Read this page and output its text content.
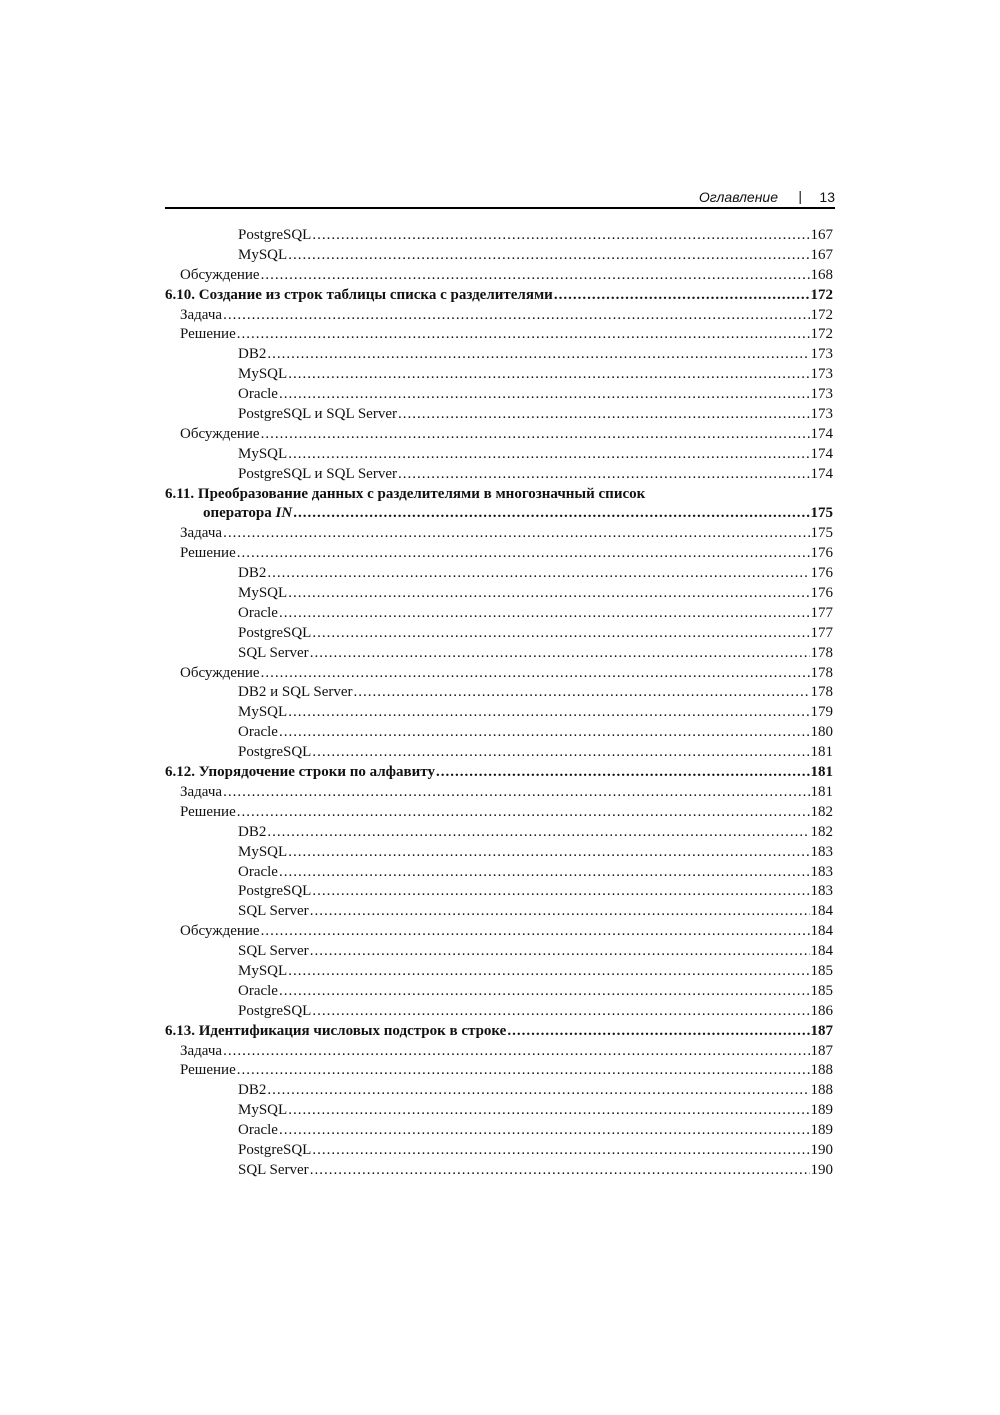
Оглавление | 13
PostgreSQL .....	167
MySQL .....	167
Обсуждение .....	168
6.10. Создание из строк таблицы списка с разделителями .....	172
Задача .....	172
Решение .....	172
DB2 .....	173
MySQL .....	173
Oracle .....	173
PostgreSQL и SQL Server .....	173
Обсуждение .....	174
MySQL .....	174
PostgreSQL и SQL Server .....	174
6.11. Преобразование данных с разделителями в многозначный список
оператора IN .....	175
Задача .....	175
Решение .....	176
DB2 .....	176
MySQL .....	176
Oracle .....	177
PostgreSQL .....	177
SQL Server .....	178
Обсуждение .....	178
DB2 и SQL Server .....	178
MySQL .....	179
Oracle .....	180
PostgreSQL .....	181
6.12. Упорядочение строки по алфавиту .....	181
Задача .....	181
Решение .....	182
DB2 .....	182
MySQL .....	183
Oracle .....	183
PostgreSQL .....	183
SQL Server .....	184
Обсуждение .....	184
SQL Server .....	184
MySQL .....	185
Oracle .....	185
PostgreSQL .....	186
6.13. Идентификация числовых подстрок в строке .....	187
Задача .....	187
Решение .....	188
DB2 .....	188
MySQL .....	189
Oracle .....	189
PostgreSQL .....	190
SQL Server .....	190
